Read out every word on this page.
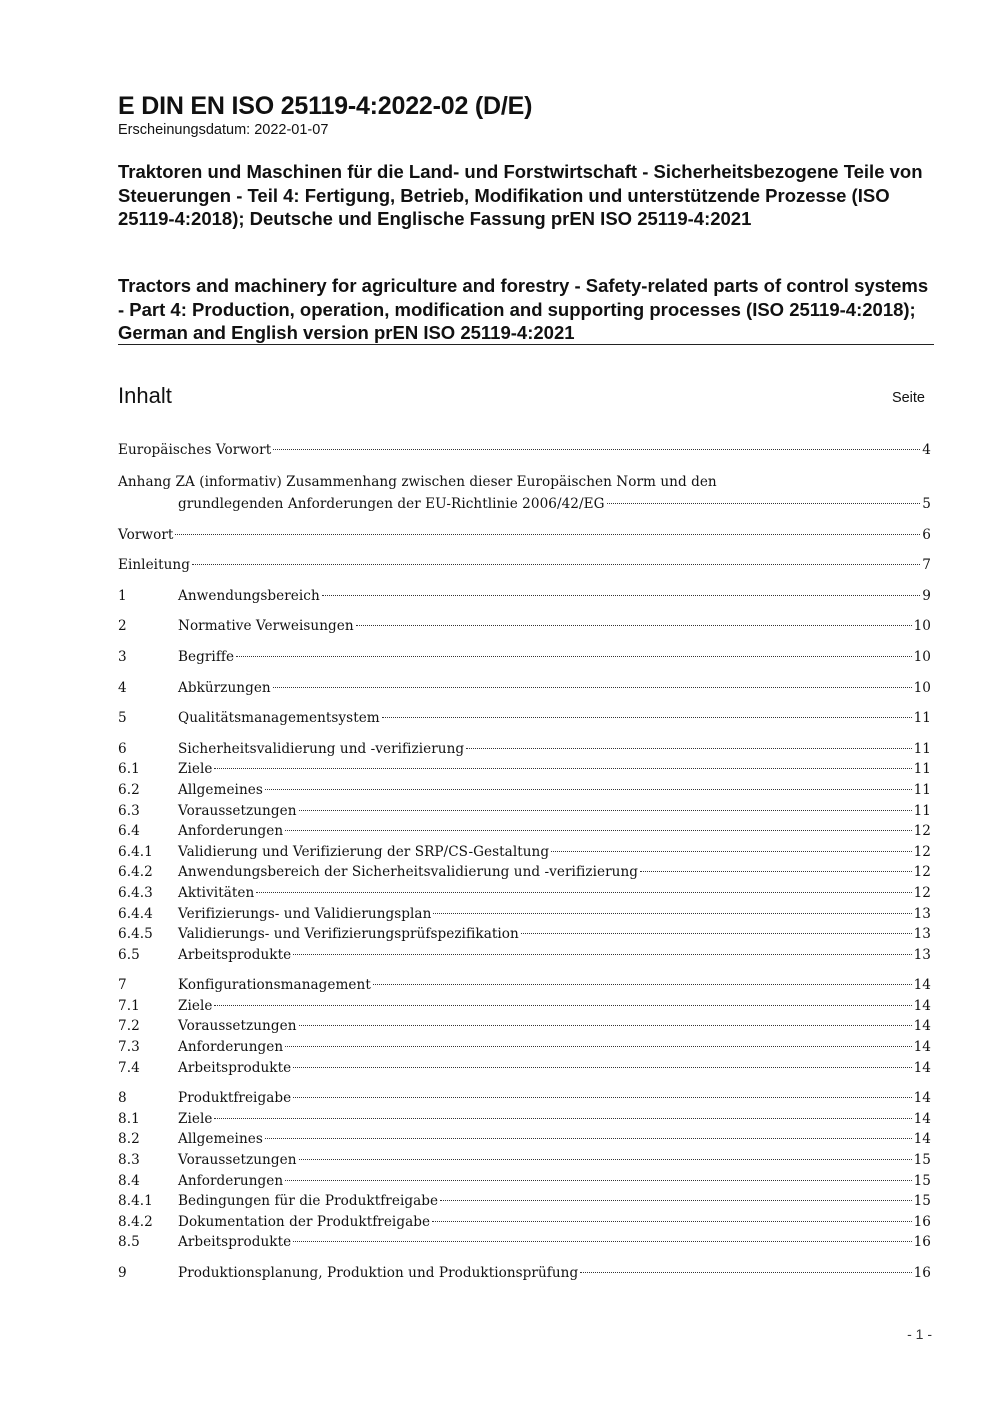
E DIN EN ISO 25119-4:2022-02 (D/E)
Erscheinungsdatum: 2022-01-07
Traktoren und Maschinen für die Land- und Forstwirtschaft - Sicherheitsbezogene Teile von Steuerungen - Teil 4: Fertigung, Betrieb, Modifikation und unterstützende Prozesse (ISO 25119-4:2018); Deutsche und Englische Fassung prEN ISO 25119-4:2021
Tractors and machinery for agriculture and forestry - Safety-related parts of control systems - Part 4: Production, operation, modification and supporting processes (ISO 25119-4:2018); German and English version prEN ISO 25119-4:2021
Inhalt	Seite
Europäisches Vorwort	4
Anhang ZA (informativ) Zusammenhang zwischen dieser Europäischen Norm und den
grundlegenden Anforderungen der EU-Richtlinie 2006/42/EG	5
Vorwort	6
Einleitung	7
1	Anwendungsbereich	9
2	Normative Verweisungen	10
3	Begriffe	10
4	Abkürzungen	10
5	Qualitätsmanagementsystem	11
6	Sicherheitsvalidierung und -verifizierung	11
6.1	Ziele	11
6.2	Allgemeines	11
6.3	Voraussetzungen	11
6.4	Anforderungen	12
6.4.1	Validierung und Verifizierung der SRP/CS-Gestaltung	12
6.4.2	Anwendungsbereich der Sicherheitsvalidierung und -verifizierung	12
6.4.3	Aktivitäten	12
6.4.4	Verifizierungs- und Validierungsplan	13
6.4.5	Validierungs- und Verifizierungsprüfspezifikation	13
6.5	Arbeitsprodukte	13
7	Konfigurationsmanagement	14
7.1	Ziele	14
7.2	Voraussetzungen	14
7.3	Anforderungen	14
7.4	Arbeitsprodukte	14
8	Produktfreigabe	14
8.1	Ziele	14
8.2	Allgemeines	14
8.3	Voraussetzungen	15
8.4	Anforderungen	15
8.4.1	Bedingungen für die Produktfreigabe	15
8.4.2	Dokumentation der Produktfreigabe	16
8.5	Arbeitsprodukte	16
9	Produktionsplanung, Produktion und Produktionsprüfung	16
- 1 -
